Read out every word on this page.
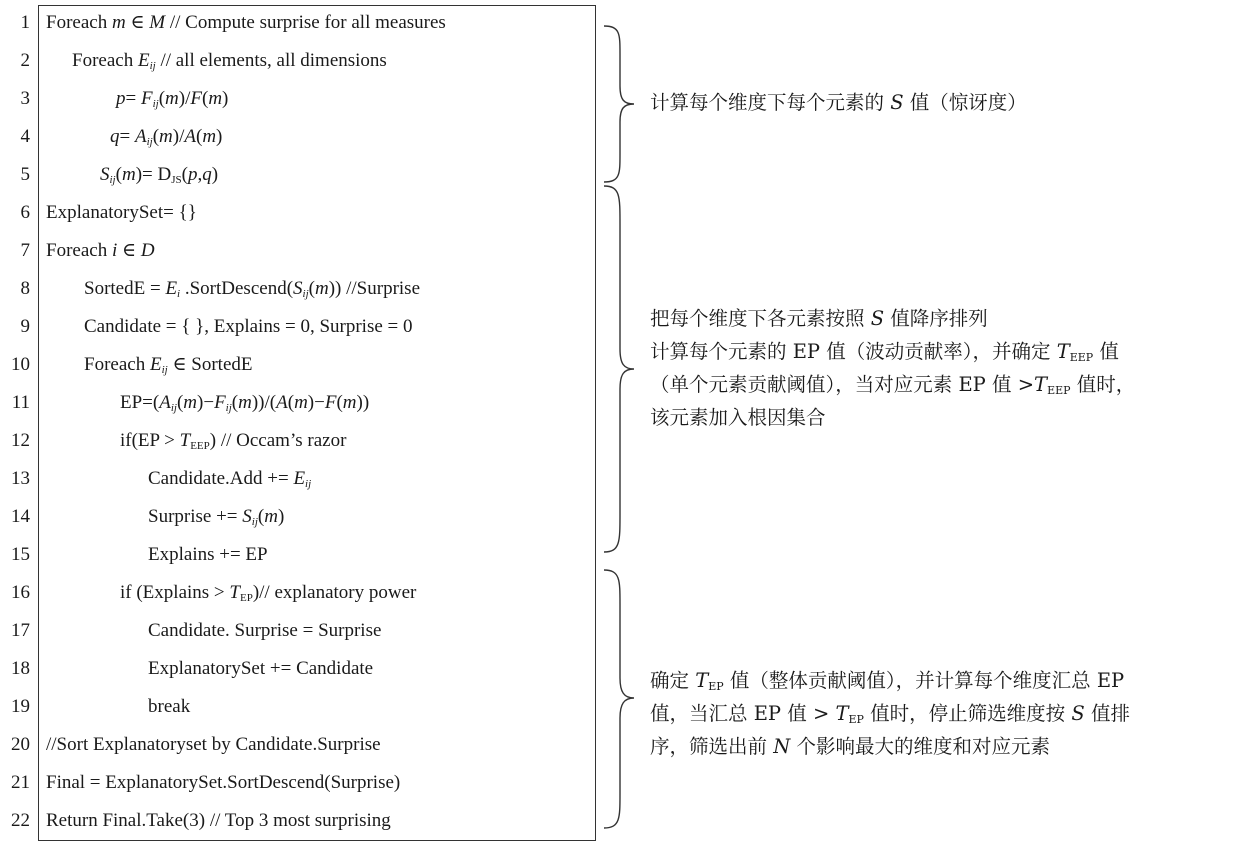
1
2
3
4
5
6
7
8
9
10
11
12
13
14
15
16
17
18
19
20
21
22
Foreach m ∈ M // Compute surprise for all measures
Foreach $E_{ij}$ // all elements, all dimensions
$p= F_{ij}(m)/F(m)$
$q= A_{ij}(m)/A(m)$
$S_{ij}(m)= D_{JS}(p,q)$
ExplanatorySet= {}
Foreach i ∈ D
SortedE = $E_i$ $.SortDescend(S_{ij}(m))$ //Surprise
Candidate = { }, Explains = 0, Surprise = 0
Foreach $E_{ij}$ ∈ SortedE
$EP=(A_{ij}(m)-F_{ij}(m))/(A(m)-F(m))$
$if(EP > T_{EEP})$ // Occam’s razor
Candidate.Add += $E_{ij}$
Surprise += $S_{ij}(m)$
Explains += EP
if (Explains > $T_{EP})//$ explanatory power
Candidate. Surprise = Surprise
ExplanatorySet += Candidate
break
//Sort Explanatoryset by Candidate.Surprise
Final = ExplanatorySet.SortDescend(Surprise)
Return Final.Take(3) // Top 3 most surprising
计算每个维度下每个元素的 S 值（惊讶度）
把每个维度下各元素按照 S 值降序排列
计算每个元素的 EP 值（波动贡献率），并确定 $T_{EEP}$ 值
（单个元素贡献阈值），当对应元素 EP 值 $>T_{EEP}$ 值时，
该元素加入根因集合
确定 $T_{EP}$ 值（整体贡献阈值），并计算每个维度汇总 EP
值，当汇总 EP 值 > $T_{EP}$ 值时，停止筛选维度按 S 值排
序，筛选出前 N 个影响最大的维度和对应元素
